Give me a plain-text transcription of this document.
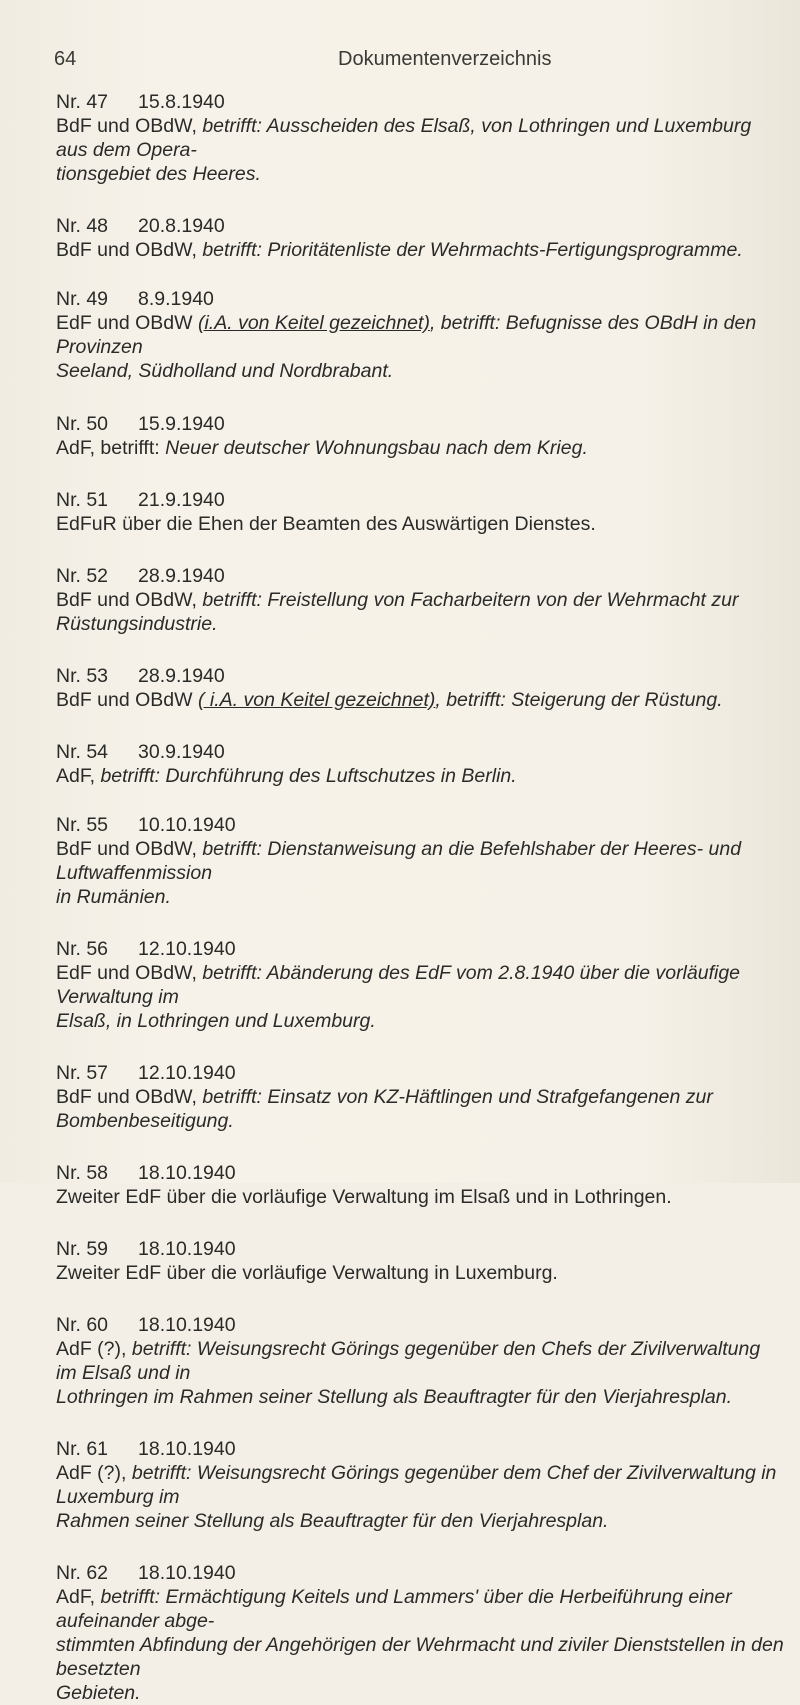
64	Dokumentenverzeichnis
Nr. 47 15.8.1940
BdF und OBdW, betrifft: Ausscheiden des Elsaß, von Lothringen und Luxemburg aus dem Opera-
tionsgebiet des Heeres.
Nr. 48 20.8.1940
BdF und OBdW, betrifft: Prioritätenliste der Wehrmachts-Fertigungsprogramme.
Nr. 49 8.9.1940
EdF und OBdW (i.A. von Keitel gezeichnet), betrifft: Befugnisse des OBdH in den Provinzen
Seeland, Südholland und Nordbrabant.
Nr. 50 15.9.1940
AdF, betrifft: Neuer deutscher Wohnungsbau nach dem Krieg.
Nr. 51 21.9.1940
EdFuR über die Ehen der Beamten des Auswärtigen Dienstes.
Nr. 52 28.9.1940
BdF und OBdW, betrifft: Freistellung von Facharbeitern von der Wehrmacht zur Rüstungsindustrie.
Nr. 53 28.9.1940
BdF und OBdW ( i.A. von Keitel gezeichnet), betrifft: Steigerung der Rüstung.
Nr. 54 30.9.1940
AdF, betrifft: Durchführung des Luftschutzes in Berlin.
Nr. 55 10.10.1940
BdF und OBdW, betrifft: Dienstanweisung an die Befehlshaber der Heeres- und Luftwaffenmission
in Rumänien.
Nr. 56 12.10.1940
EdF und OBdW, betrifft: Abänderung des EdF vom 2.8.1940 über die vorläufige Verwaltung im
Elsaß, in Lothringen und Luxemburg.
Nr. 57 12.10.1940
BdF und OBdW, betrifft: Einsatz von KZ-Häftlingen und Strafgefangenen zur Bombenbeseitigung.
Nr. 58 18.10.1940
Zweiter EdF über die vorläufige Verwaltung im Elsaß und in Lothringen.
Nr. 59 18.10.1940
Zweiter EdF über die vorläufige Verwaltung in Luxemburg.
Nr. 60 18.10.1940
AdF (?), betrifft: Weisungsrecht Görings gegenüber den Chefs der Zivilverwaltung im Elsaß und in
Lothringen im Rahmen seiner Stellung als Beauftragter für den Vierjahresplan.
Nr. 61 18.10.1940
AdF (?), betrifft: Weisungsrecht Görings gegenüber dem Chef der Zivilverwaltung in Luxemburg im
Rahmen seiner Stellung als Beauftragter für den Vierjahresplan.
Nr. 62 18.10.1940
AdF, betrifft: Ermächtigung Keitels und Lammers' über die Herbeiführung einer aufeinander abge-
stimmten Abfindung der Angehörigen der Wehrmacht und ziviler Dienststellen in den besetzten
Gebieten.
